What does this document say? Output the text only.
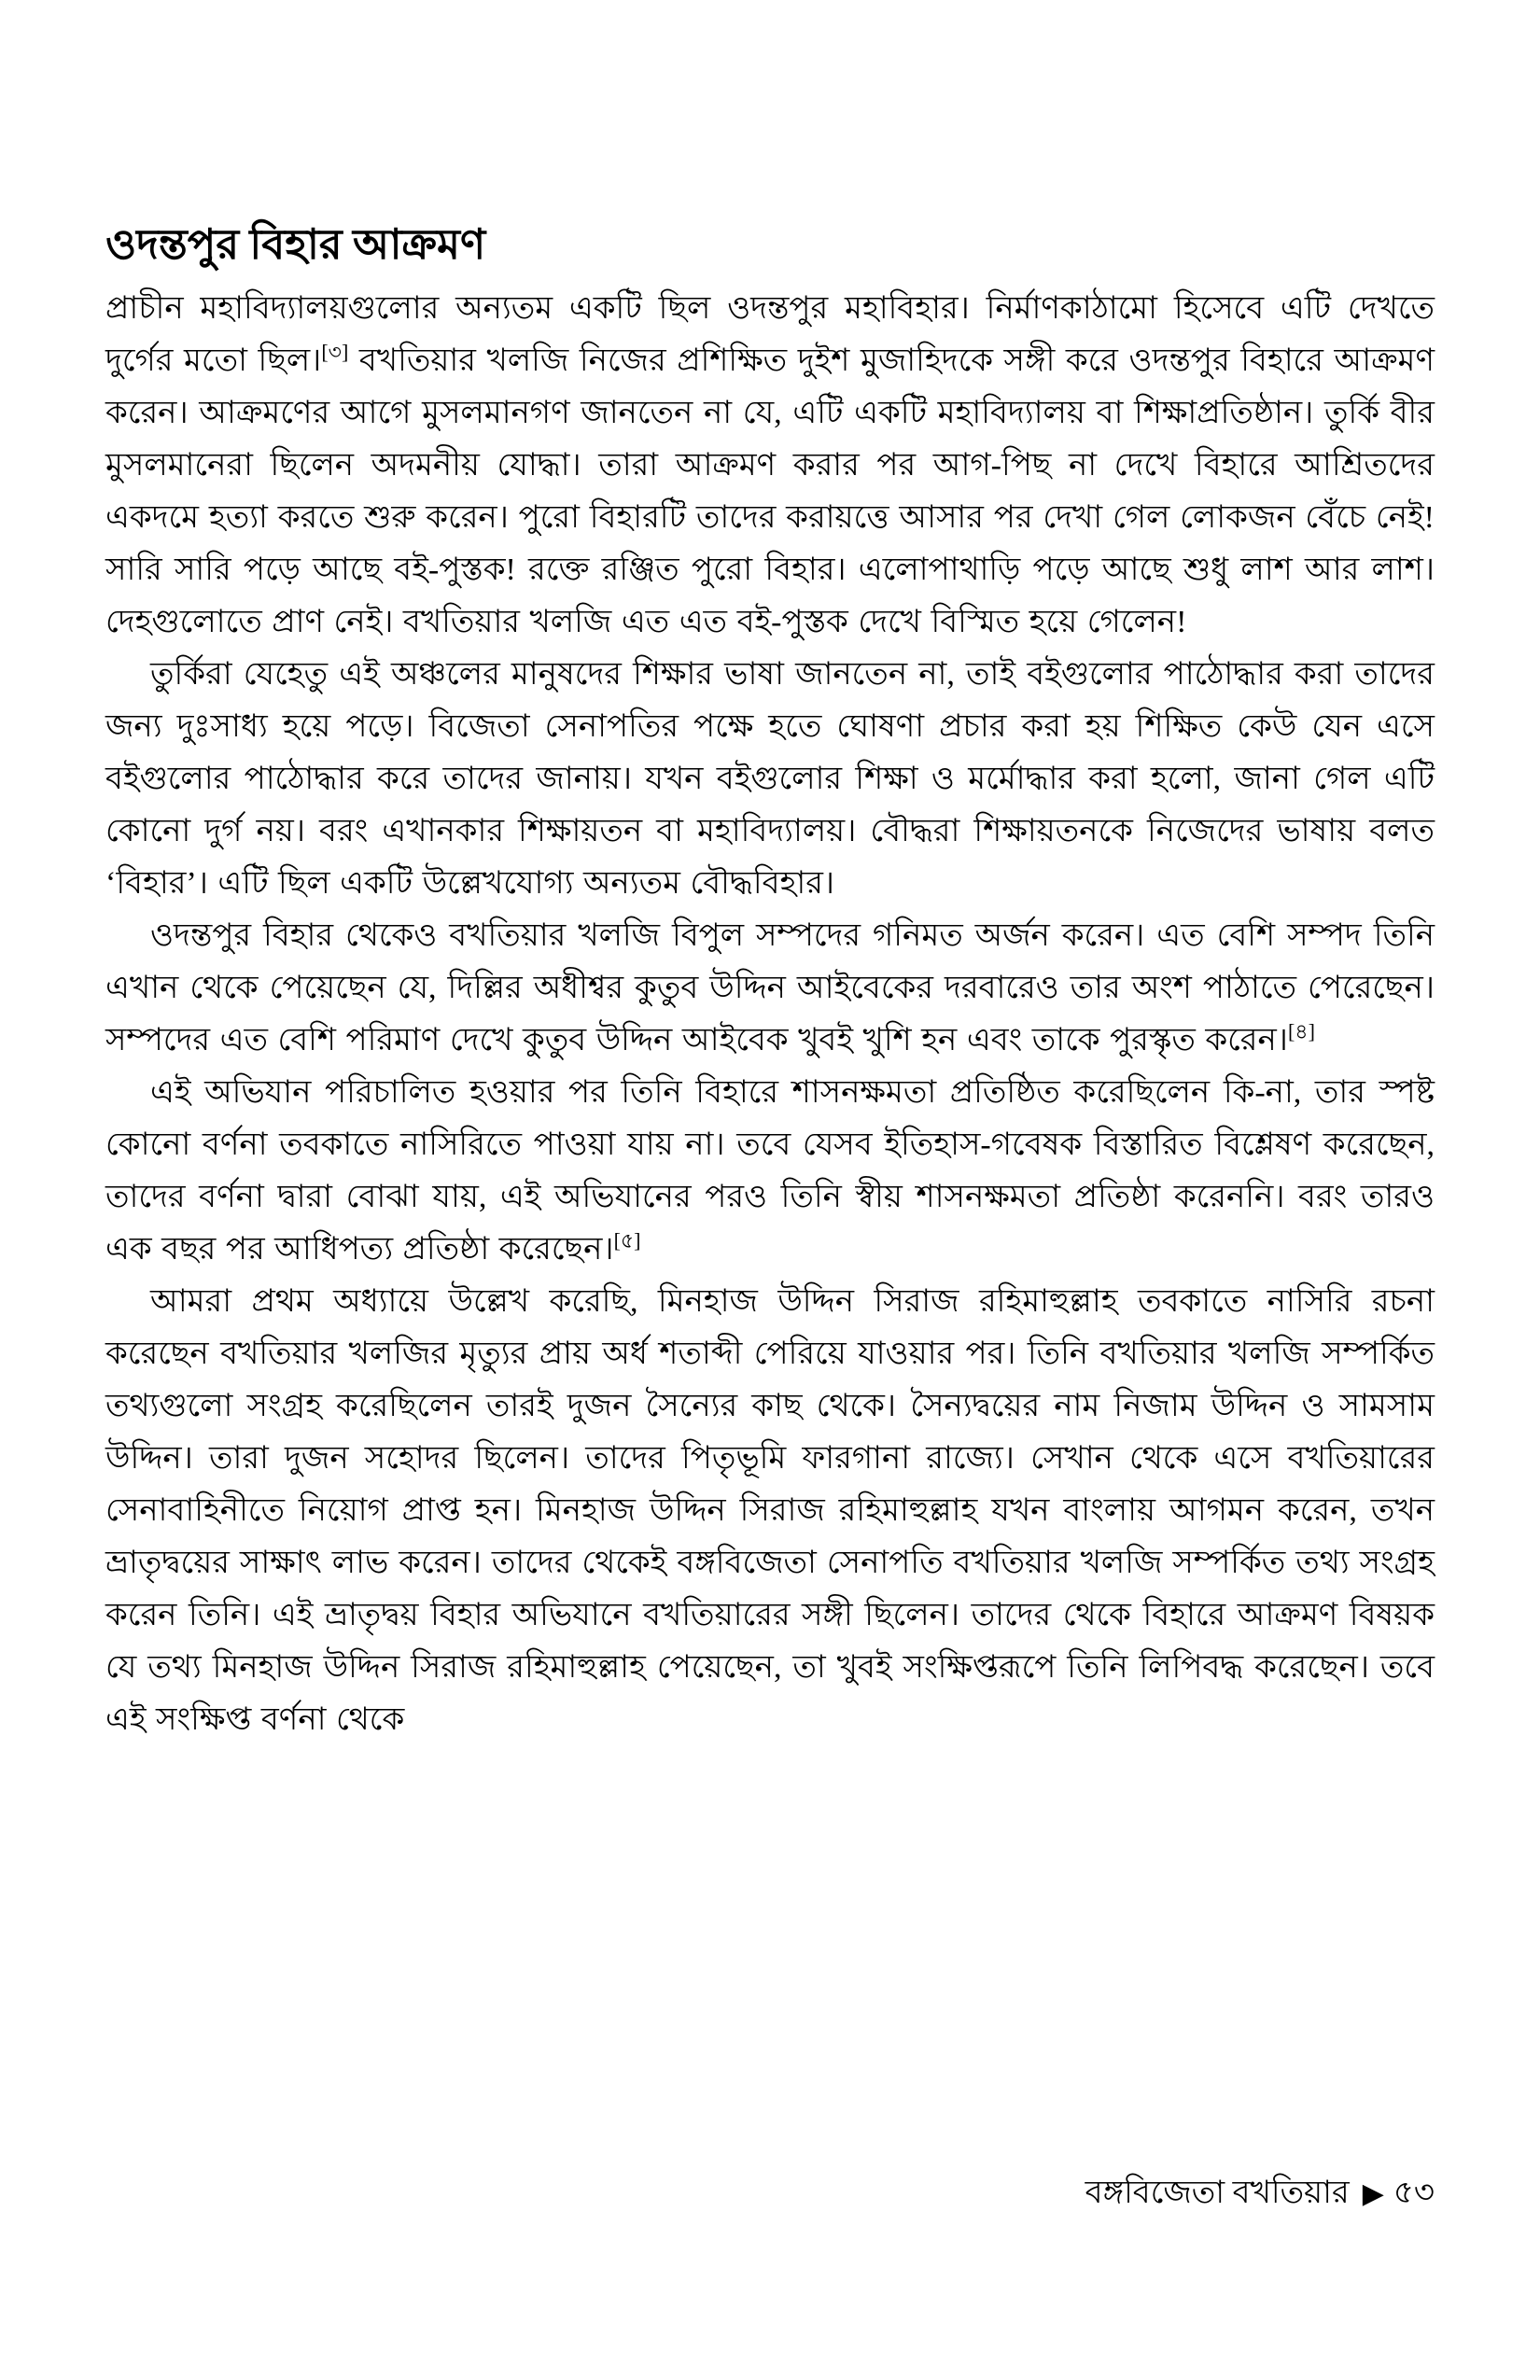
ওদন্তপুর বিহার আক্রমণ

প্রাচীন মহাবিদ্যালয়গুলোর অন্যতম একটি ছিল ওদন্তপুর মহাবিহার। নির্মাণকাঠামো হিসেবে এটি দেখতে দুর্গের মতো ছিল।[৩] বখতিয়ার খলজি নিজের প্রশিক্ষিত দুইশ মুজাহিদকে সঙ্গী করে ওদন্তপুর বিহারে আক্রমণ করেন। আক্রমণের আগে মুসলমানগণ জানতেন না যে, এটি একটি মহাবিদ্যালয় বা শিক্ষাপ্রতিষ্ঠান। তুর্কি বীর মুসলমানেরা ছিলেন অদমনীয় যোদ্ধা। তারা আক্রমণ করার পর আগ-পিছ না দেখে বিহারে আশ্রিতদের একদমে হত্যা করতে শুরু করেন। পুরো বিহারটি তাদের করায়ত্তে আসার পর দেখা গেল লোকজন বেঁচে নেই! সারি সারি পড়ে আছে বই-পুস্তক! রক্তে রঞ্জিত পুরো বিহার। এলোপাথাড়ি পড়ে আছে শুধু লাশ আর লাশ। দেহগুলোতে প্রাণ নেই। বখতিয়ার খলজি এত এত বই-পুস্তক দেখে বিস্মিত হয়ে গেলেন!

তুর্কিরা যেহেতু এই অঞ্চলের মানুষদের শিক্ষার ভাষা জানতেন না, তাই বইগুলোর পাঠোদ্ধার করা তাদের জন্য দুঃসাধ্য হয়ে পড়ে। বিজেতা সেনাপতির পক্ষে হতে ঘোষণা প্রচার করা হয় শিক্ষিত কেউ যেন এসে বইগুলোর পাঠোদ্ধার করে তাদের জানায়। যখন বইগুলোর শিক্ষা ও মর্মোদ্ধার করা হলো, জানা গেল এটি কোনো দুর্গ নয়। বরং এখানকার শিক্ষায়তন বা মহাবিদ্যালয়। বৌদ্ধরা শিক্ষায়তনকে নিজেদের ভাষায় বলত ‘বিহার’। এটি ছিল একটি উল্লেখযোগ্য অন্যতম বৌদ্ধবিহার।

ওদন্তপুর বিহার থেকেও বখতিয়ার খলজি বিপুল সম্পদের গনিমত অর্জন করেন। এত বেশি সম্পদ তিনি এখান থেকে পেয়েছেন যে, দিল্লির অধীশ্বর কুতুব উদ্দিন আইবেকের দরবারেও তার অংশ পাঠাতে পেরেছেন। সম্পদের এত বেশি পরিমাণ দেখে কুতুব উদ্দিন আইবেক খুবই খুশি হন এবং তাকে পুরস্কৃত করেন।[৪]

এই অভিযান পরিচালিত হওয়ার পর তিনি বিহারে শাসনক্ষমতা প্রতিষ্ঠিত করেছিলেন কি-না, তার স্পষ্ট কোনো বর্ণনা তবকাতে নাসিরিতে পাওয়া যায় না। তবে যেসব ইতিহাস-গবেষক বিস্তারিত বিশ্লেষণ করেছেন, তাদের বর্ণনা দ্বারা বোঝা যায়, এই অভিযানের পরও তিনি স্বীয় শাসনক্ষমতা প্রতিষ্ঠা করেননি। বরং তারও এক বছর পর আধিপত্য প্রতিষ্ঠা করেছেন।[৫]

আমরা প্রথম অধ্যায়ে উল্লেখ করেছি, মিনহাজ উদ্দিন সিরাজ রহিমাহুল্লাহ তবকাতে নাসিরি রচনা করেছেন বখতিয়ার খলজির মৃত্যুর প্রায় অর্ধ শতাব্দী পেরিয়ে যাওয়ার পর। তিনি বখতিয়ার খলজি সম্পর্কিত তথ্যগুলো সংগ্রহ করেছিলেন তারই দুজন সৈন্যের কাছ থেকে। সৈন্যদ্বয়ের নাম নিজাম উদ্দিন ও সামসাম উদ্দিন। তারা দুজন সহোদর ছিলেন। তাদের পিতৃভূমি ফারগানা রাজ্যে। সেখান থেকে এসে বখতিয়ারের সেনাবাহিনীতে নিয়োগ প্রাপ্ত হন। মিনহাজ উদ্দিন সিরাজ রহিমাহুল্লাহ যখন বাংলায় আগমন করেন, তখন ভ্রাতৃদ্বয়ের সাক্ষাৎ লাভ করেন। তাদের থেকেই বঙ্গবিজেতা সেনাপতি বখতিয়ার খলজি সম্পর্কিত তথ্য সংগ্রহ করেন তিনি। এই ভ্রাতৃদ্বয় বিহার অভিযানে বখতিয়ারের সঙ্গী ছিলেন। তাদের থেকে বিহারে আক্রমণ বিষয়ক যে তথ্য মিনহাজ উদ্দিন সিরাজ রহিমাহুল্লাহ পেয়েছেন, তা খুবই সংক্ষিপ্তরূপে তিনি লিপিবদ্ধ করেছেন। তবে এই সংক্ষিপ্ত বর্ণনা থেকে

বঙ্গবিজেতা বখতিয়ার ▶ ৫৩
